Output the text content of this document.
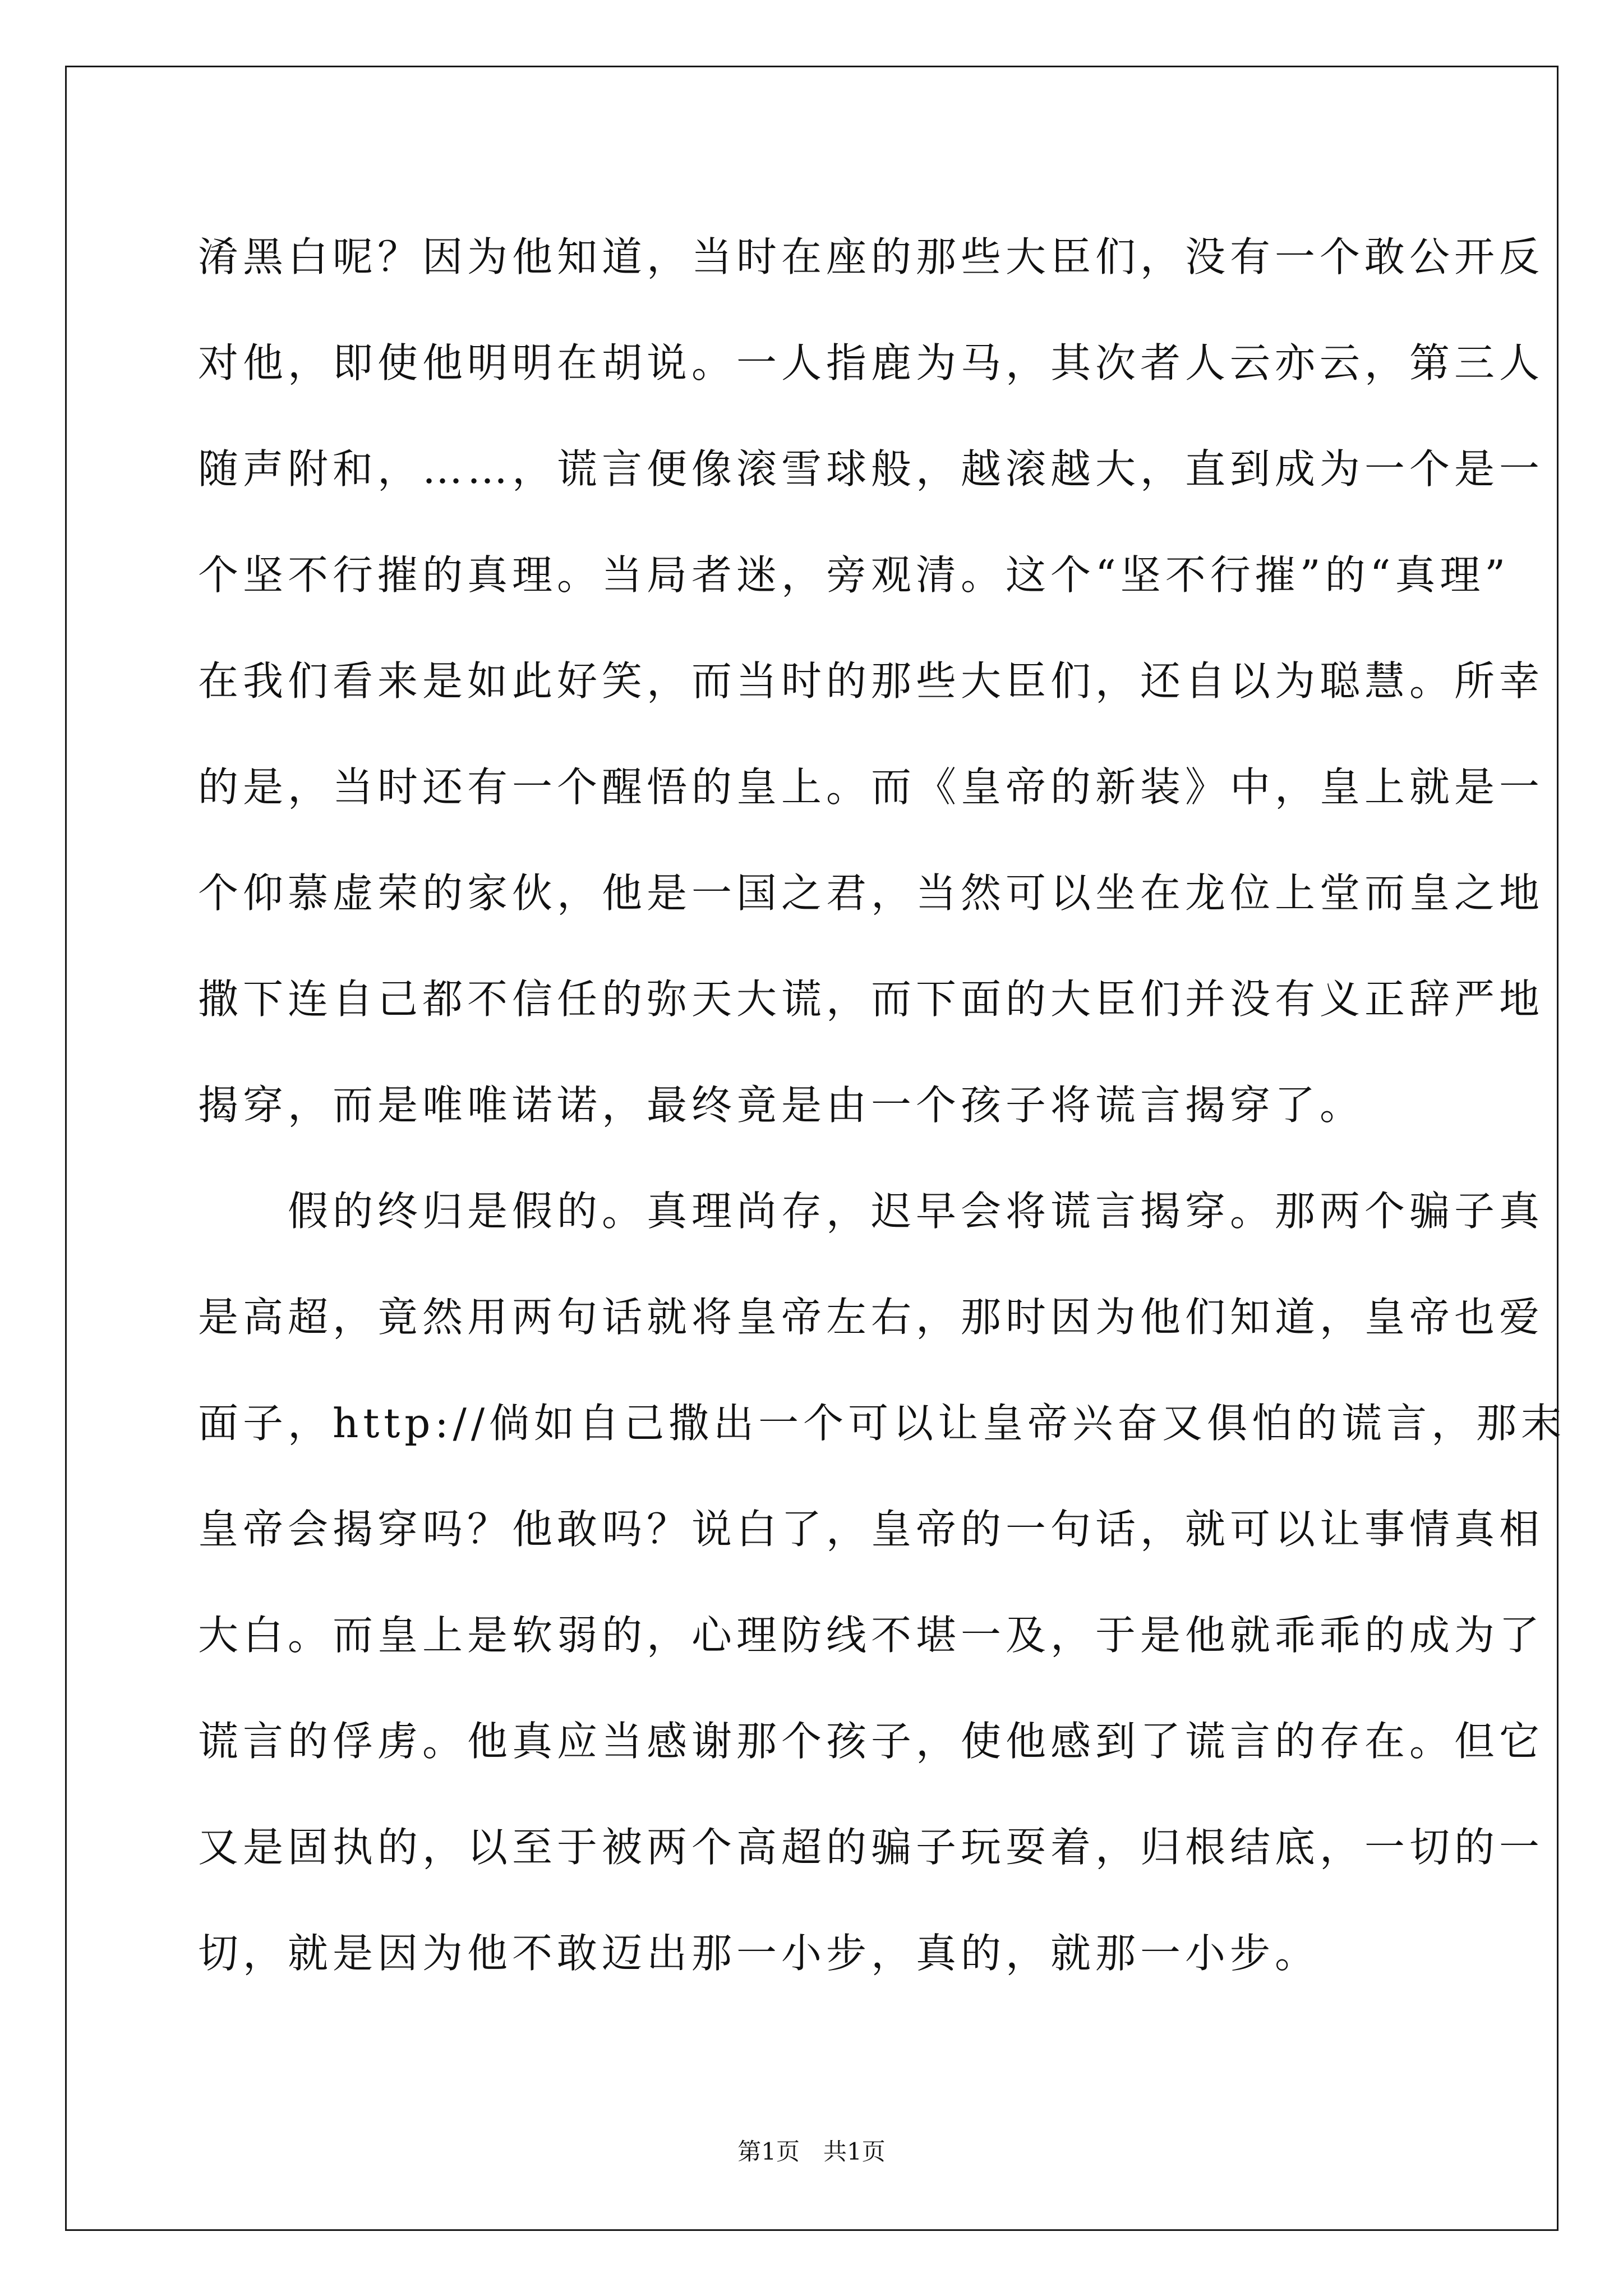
淆黑白呢？因为他知道，当时在座的那些大臣们，没有一个敢公开反
对他，即使他明明在胡说。一人指鹿为马，其次者人云亦云，第三人
随声附和，……，谎言便像滚雪球般，越滚越大，直到成为一个是一
个坚不行摧的真理。当局者迷，旁观清。这个“坚不行摧”的“真理”
在我们看来是如此好笑，而当时的那些大臣们，还自以为聪慧。所幸
的是，当时还有一个醒悟的皇上。而《皇帝的新装》中，皇上就是一
个仰慕虚荣的家伙，他是一国之君，当然可以坐在龙位上堂而皇之地
撒下连自己都不信任的弥天大谎，而下面的大臣们并没有义正辞严地
揭穿，而是唯唯诺诺，最终竟是由一个孩子将谎言揭穿了。
　　假的终归是假的。真理尚存，迟早会将谎言揭穿。那两个骗子真
是高超，竟然用两句话就将皇帝左右，那时因为他们知道，皇帝也爱
面子，http://倘如自己撒出一个可以让皇帝兴奋又俱怕的谎言，那末
皇帝会揭穿吗？他敢吗？说白了，皇帝的一句话，就可以让事情真相
大白。而皇上是软弱的，心理防线不堪一及，于是他就乖乖的成为了
谎言的俘虏。他真应当感谢那个孩子，使他感到了谎言的存在。但它
又是固执的，以至于被两个高超的骗子玩耍着，归根结底，一切的一
切，就是因为他不敢迈出那一小步，真的，就那一小步。
第1页　共1页
